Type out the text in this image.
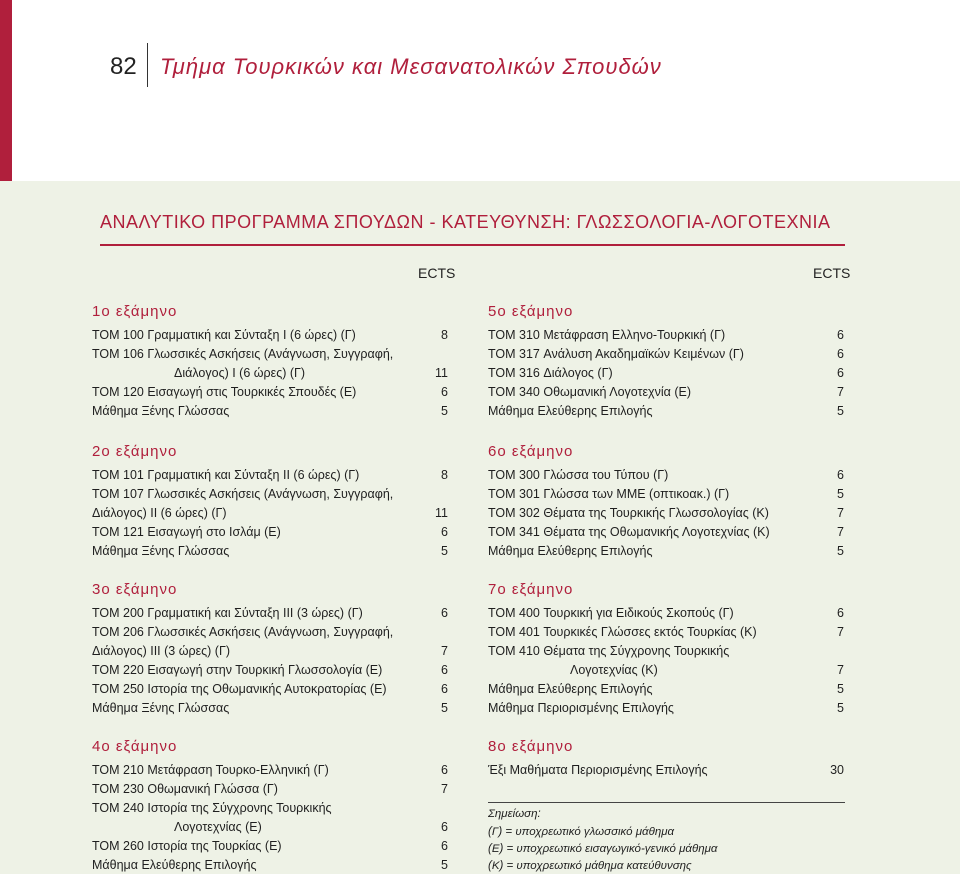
82 Τμήμα Τουρκικών και Μεσανατολικών Σπουδών
ΑΝΑΛΥΤΙΚΟ ΠΡΟΓΡΑΜΜΑ ΣΠΟΥΔΩΝ - ΚΑΤΕΥΘΥΝΣΗ: ΓΛΩΣΣΟΛΟΓΙΑ-ΛΟΓΟΤΕΧΝΙΑ
ECTS	ECTS
1ο εξάμηνο
TOM 100 Γραμματική και Σύνταξη Ι (6 ώρες) (Γ)	8
TOM 106 Γλωσσικές Ασκήσεις (Ανάγνωση, Συγγραφή,
Διάλογος) Ι (6 ώρες) (Γ)	11
TOM 120 Εισαγωγή στις Τουρκικές Σπουδές (Ε)	6
Μάθημα Ξένης Γλώσσας	5
2ο εξάμηνο
TOM 101 Γραμματική και Σύνταξη ΙΙ (6 ώρες) (Γ)	8
TOM 107 Γλωσσικές Ασκήσεις (Ανάγνωση, Συγγραφή,
Διάλογος) ΙΙ (6 ώρες) (Γ)	11
TOM 121 Εισαγωγή στο Ισλάμ (Ε)	6
Μάθημα Ξένης Γλώσσας	5
3ο εξάμηνο
TOM 200 Γραμματική και Σύνταξη ΙΙΙ (3 ώρες) (Γ)	6
TOM 206 Γλωσσικές Ασκήσεις (Ανάγνωση, Συγγραφή,
Διάλογος) ΙΙΙ (3 ώρες) (Γ)	7
TOM 220 Εισαγωγή στην Τουρκική Γλωσσολογία (Ε)	6
TOM 250 Ιστορία της Οθωμανικής Αυτοκρατορίας (Ε)	6
Μάθημα Ξένης Γλώσσας	5
4ο εξάμηνο
TOM 210 Μετάφραση Τουρκο-Ελληνική (Γ)	6
TOM 230 Οθωμανική Γλώσσα (Γ)	7
TOM 240 Ιστορία της Σύγχρονης Τουρκικής
Λογοτεχνίας (Ε)	6
TOM 260 Ιστορία της Τουρκίας (Ε)	6
Μάθημα Ελεύθερης Επιλογής	5
5ο εξάμηνο
TOM 310 Μετάφραση Ελληνο-Τουρκική (Γ)	6
TOM 317 Ανάλυση Ακαδημαϊκών Κειμένων (Γ)	6
TOM 316 Διάλογος (Γ)	6
TOM 340 Οθωμανική Λογοτεχνία (Ε)	7
Μάθημα Ελεύθερης Επιλογής	5
6ο εξάμηνο
TOM 300 Γλώσσα του Τύπου (Γ)	6
TOM 301 Γλώσσα των ΜΜΕ (οπτικοακ.) (Γ)	5
TOM 302 Θέματα της Τουρκικής Γλωσσολογίας (Κ)	7
TOM 341 Θέματα της Οθωμανικής Λογοτεχνίας (Κ)	7
Μάθημα Ελεύθερης Επιλογής	5
7ο εξάμηνο
TOM 400 Τουρκική για Ειδικούς Σκοπούς (Γ)	6
TOM 401 Τουρκικές Γλώσσες εκτός Τουρκίας (Κ)	7
TOM 410 Θέματα της Σύγχρονης Τουρκικής
Λογοτεχνίας (Κ)	7
Μάθημα Ελεύθερης Επιλογής	5
Μάθημα Περιορισμένης Επιλογής	5
8ο εξάμηνο
Έξι Μαθήματα Περιορισμένης Επιλογής	30
Σημείωση:
(Γ) = υποχρεωτικό γλωσσικό μάθημα
(Ε) = υποχρεωτικό εισαγωγικό-γενικό μάθημα
(Κ) = υποχρεωτικό μάθημα κατεύθυνσης
